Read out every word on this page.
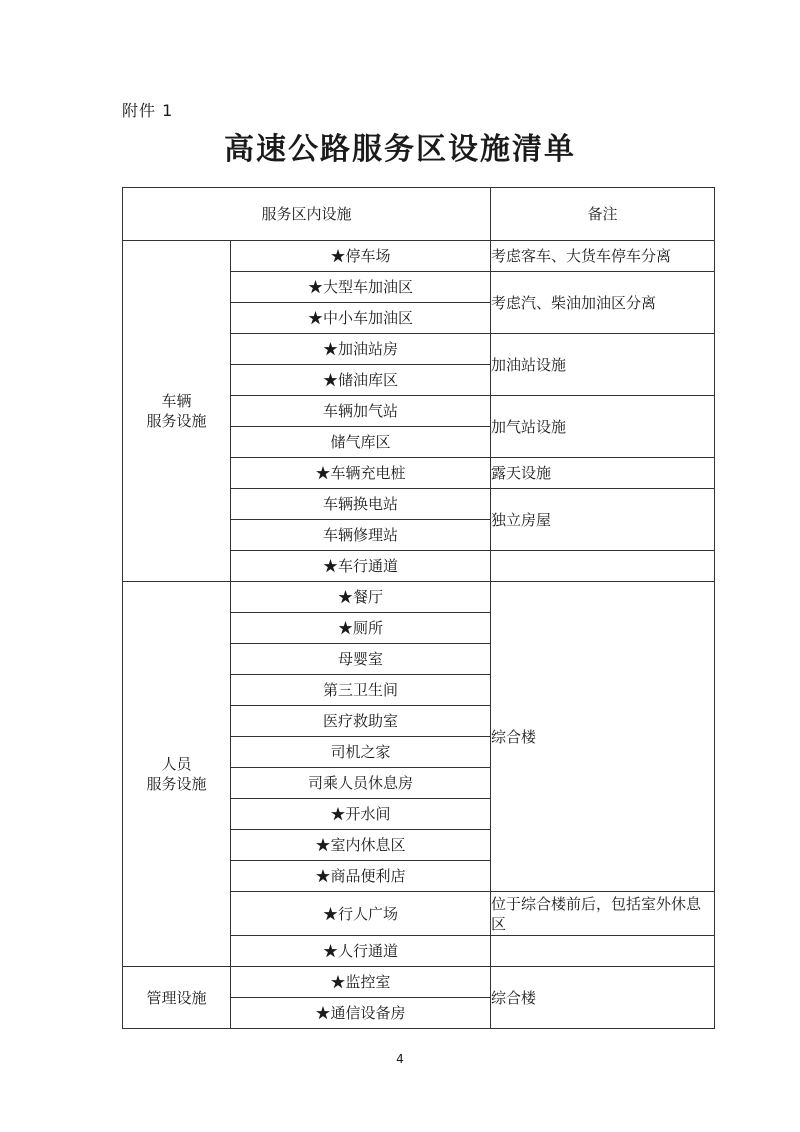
附件 1
高速公路服务区设施清单
服务区内设施		备注

车辆
服务设施	★停车场	考虑客车、大货车停车分离
	★大型车加油区	考虑汽、柴油加油区分离
	★中小车加油区	
	★加油站房	加油站设施
	★储油库区	
	车辆加气站	加气站设施
	储气库区	
	★车辆充电桩	露天设施
	车辆换电站	独立房屋
	车辆修理站	
	★车行通道	

人员
服务设施	★餐厅	综合楼
	★厕所	
	母婴室	
	第三卫生间	
	医疗救助室	
	司机之家	
	司乘人员休息房	
	★开水间	
	★室内休息区	
	★商品便利店	
	★行人广场	位于综合楼前后，包括室外休息区
	★人行通道	

管理设施	★监控室	综合楼
	★通信设备房	
4
